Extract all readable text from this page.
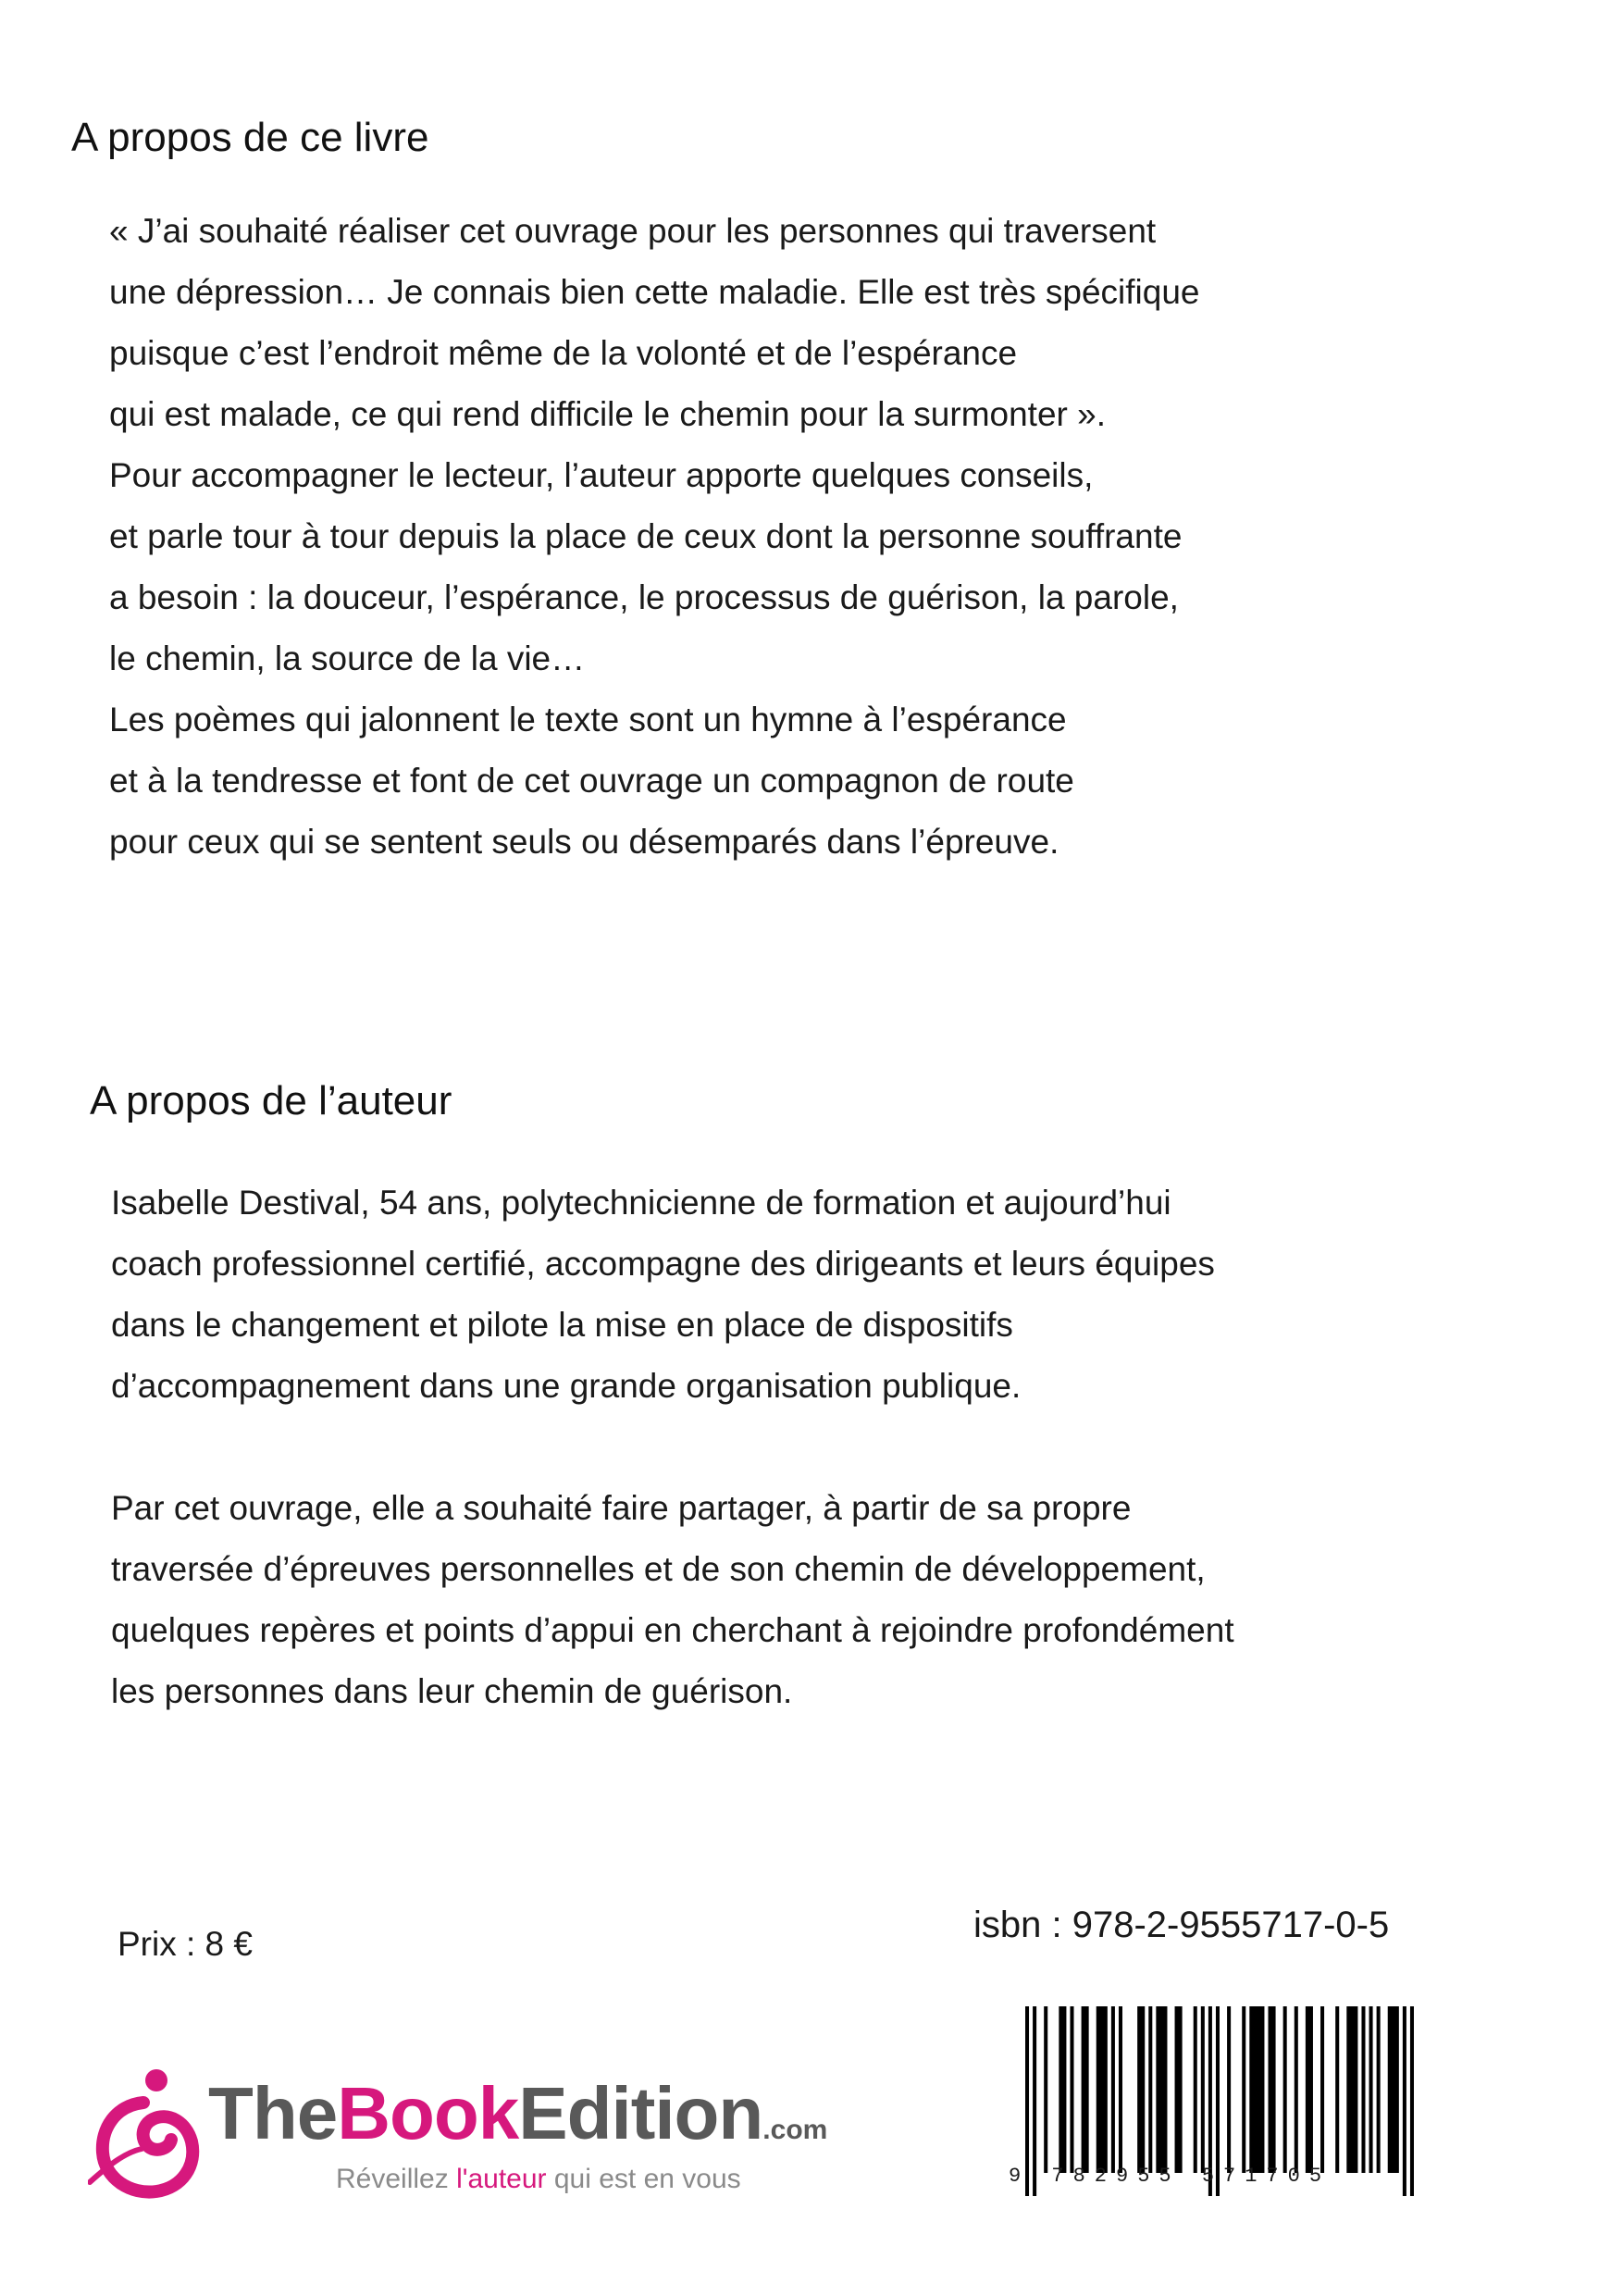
A propos de ce livre
« J’ai souhaité réaliser cet ouvrage pour les personnes qui traversent
une dépression… Je connais bien cette maladie. Elle est très spécifique
puisque c’est l’endroit même de la volonté et de l’espérance
qui est malade, ce qui rend difficile le chemin pour la surmonter ».
Pour accompagner le lecteur, l’auteur apporte quelques conseils,
et parle tour à tour depuis la place de ceux dont la personne souffrante
a besoin : la douceur, l’espérance, le processus de guérison, la parole,
le chemin, la source de la vie…
Les poèmes qui jalonnent le texte sont un hymne à l’espérance
et à la tendresse et font de cet ouvrage un compagnon de route
pour ceux qui se sentent seuls ou désemparés dans l’épreuve.
A propos de l’auteur
Isabelle Destival, 54 ans, polytechnicienne de formation et aujourd’hui
coach professionnel certifié, accompagne des dirigeants et leurs équipes
dans le changement et pilote la mise en place de dispositifs
d’accompagnement dans une grande organisation publique.
Par cet ouvrage, elle a souhaité faire partager, à partir de sa propre
traversée d’épreuves personnelles et de son chemin de développement,
quelques repères et points d’appui en cherchant à rejoindre profondément
les personnes dans leur chemin de guérison.
Prix : 8 €	isbn : 978-2-9555717-0-5
9 782955 571705
TheBookEdition.com
Réveillez l'auteur qui est en vous
